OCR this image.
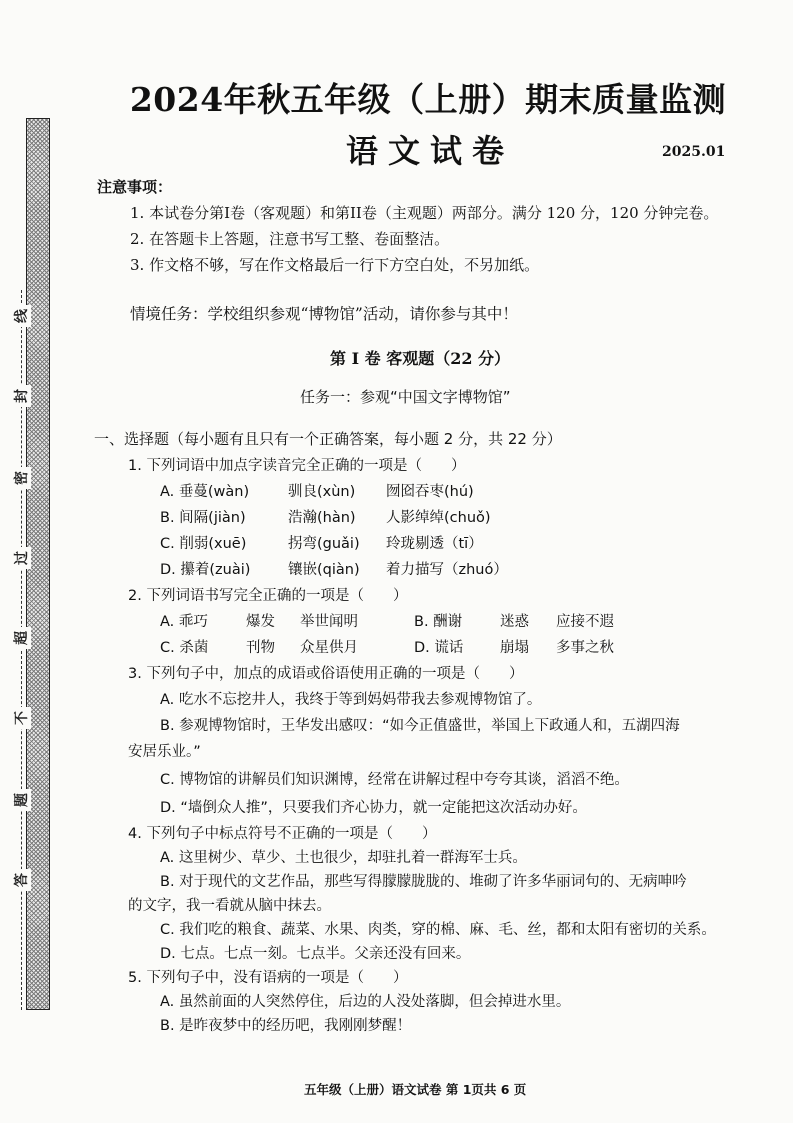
线
封
密
过
超
不
题
答
2024年秋五年级（上册）期末质量监测
语文试卷	2025.01
注意事项：
1. 本试卷分第I卷（客观题）和第II卷（主观题）两部分。满分 120 分，120 分钟完卷。
2. 在答题卡上答题，注意书写工整、卷面整洁。
3. 作文格不够，写在作文格最后一行下方空白处，不另加纸。
情境任务：学校组织参观“博物馆”活动，请你参与其中！
第 I 卷 客观题（22 分）
任务一：参观“中国文字博物馆”
一、选择题（每小题有且只有一个正确答案，每小题 2 分，共 22 分）
1. 下列词语中加点字读音完全正确的一项是（　　）
A. 垂蔓(wàn)	驯良(xùn) 囫囵吞枣(hú)
B. 间隔(jiàn)	浩瀚(hàn) 人影绰绰(chuǒ)
C. 削弱(xuē)	拐弯(guǎi) 玲珑剔透（tī）
D. 攥着(zuài)	镶嵌(qiàn) 着力描写（zhuó）
2. 下列词语书写完全正确的一项是（　　）
A. 乖巧	爆发 举世闻明	B. 酬谢	迷惑 应接不遐
C. 杀菌	刊物 众星供月	D. 谎话	崩塌 多事之秋
3. 下列句子中，加点的成语或俗语使用正确的一项是（　　）
A. 吃水不忘挖井人，我终于等到妈妈带我去参观博物馆了。
B. 参观博物馆时，王华发出感叹：“如今正值盛世，举国上下政通人和，五湖四海
安居乐业。”
C. 博物馆的讲解员们知识渊博，经常在讲解过程中夸夸其谈，滔滔不绝。
D. “墙倒众人推”，只要我们齐心协力，就一定能把这次活动办好。
4. 下列句子中标点符号不正确的一项是（　　）
A. 这里树少、草少、土也很少，却驻扎着一群海军士兵。
B. 对于现代的文艺作品，那些写得朦朦胧胧的、堆砌了许多华丽词句的、无病呻吟
的文字，我一看就从脑中抹去。
C. 我们吃的粮食、蔬菜、水果、肉类，穿的棉、麻、毛、丝，都和太阳有密切的关系。
D. 七点。七点一刻。七点半。父亲还没有回来。
5. 下列句子中，没有语病的一项是（　　）
A. 虽然前面的人突然停住，后边的人没处落脚，但会掉进水里。
B. 是昨夜梦中的经历吧，我刚刚梦醒！
五年级（上册）语文试卷 第 1页共 6 页
